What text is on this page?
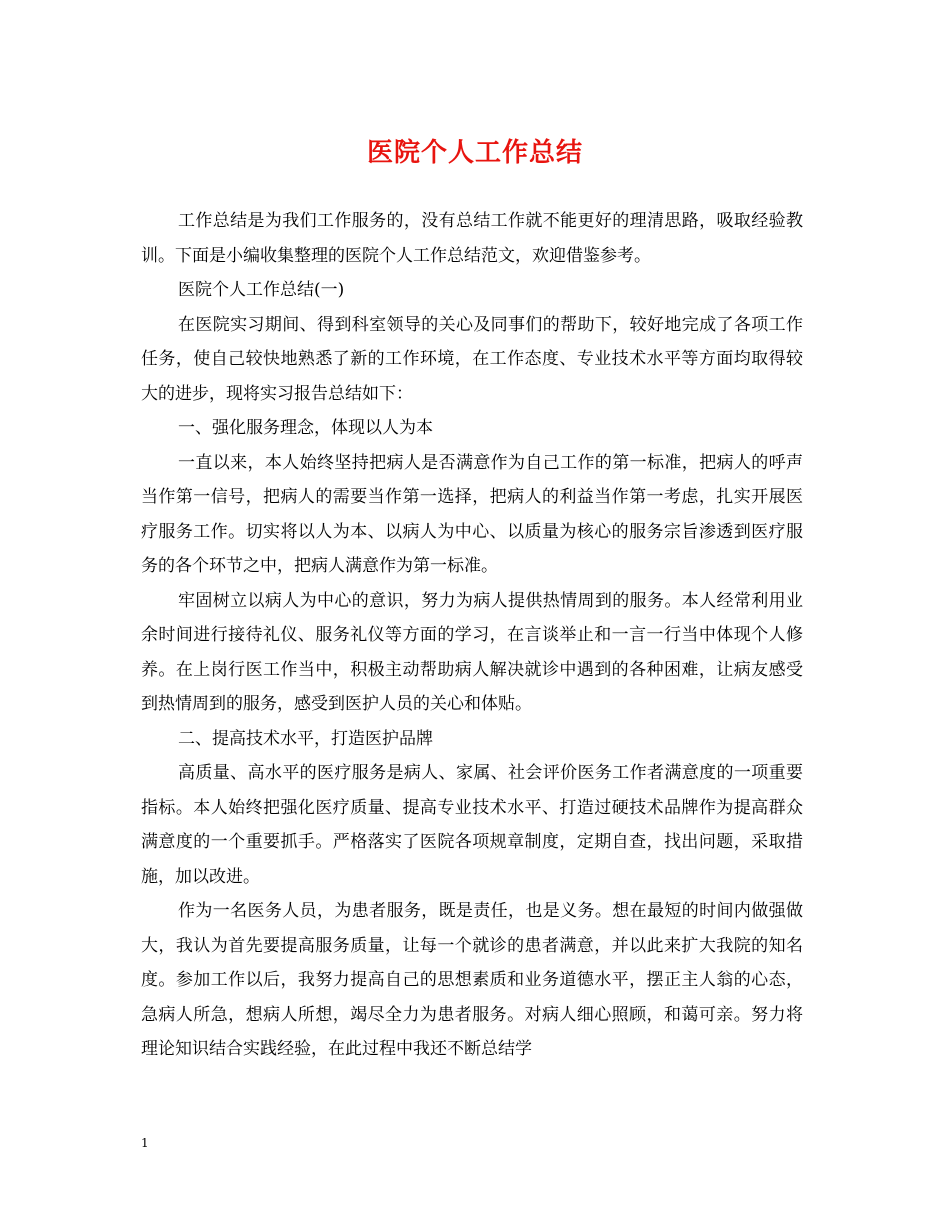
医院个人工作总结

工作总结是为我们工作服务的，没有总结工作就不能更好的理清思路，吸取经验教训。下面是小编收集整理的医院个人工作总结范文，欢迎借鉴参考。

医院个人工作总结(一)

在医院实习期间、得到科室领导的关心及同事们的帮助下，较好地完成了各项工作任务，使自己较快地熟悉了新的工作环境，在工作态度、专业技术水平等方面均取得较大的进步，现将实习报告总结如下：

一、强化服务理念，体现以人为本

一直以来，本人始终坚持把病人是否满意作为自己工作的第一标准，把病人的呼声当作第一信号，把病人的需要当作第一选择，把病人的利益当作第一考虑，扎实开展医疗服务工作。切实将以人为本、以病人为中心、以质量为核心的服务宗旨渗透到医疗服务的各个环节之中，把病人满意作为第一标准。

牢固树立以病人为中心的意识，努力为病人提供热情周到的服务。本人经常利用业余时间进行接待礼仪、服务礼仪等方面的学习，在言谈举止和一言一行当中体现个人修养。在上岗行医工作当中，积极主动帮助病人解决就诊中遇到的各种困难，让病友感受到热情周到的服务，感受到医护人员的关心和体贴。

二、提高技术水平，打造医护品牌

高质量、高水平的医疗服务是病人、家属、社会评价医务工作者满意度的一项重要指标。本人始终把强化医疗质量、提高专业技术水平、打造过硬技术品牌作为提高群众满意度的一个重要抓手。严格落实了医院各项规章制度，定期自查，找出问题，采取措施，加以改进。

作为一名医务人员，为患者服务，既是责任，也是义务。想在最短的时间内做强做大，我认为首先要提高服务质量，让每一个就诊的患者满意，并以此来扩大我院的知名度。参加工作以后，我努力提高自己的思想素质和业务道德水平，摆正主人翁的心态，急病人所急，想病人所想，竭尽全力为患者服务。对病人细心照顾，和蔼可亲。努力将理论知识结合实践经验，在此过程中我还不断总结学

1
